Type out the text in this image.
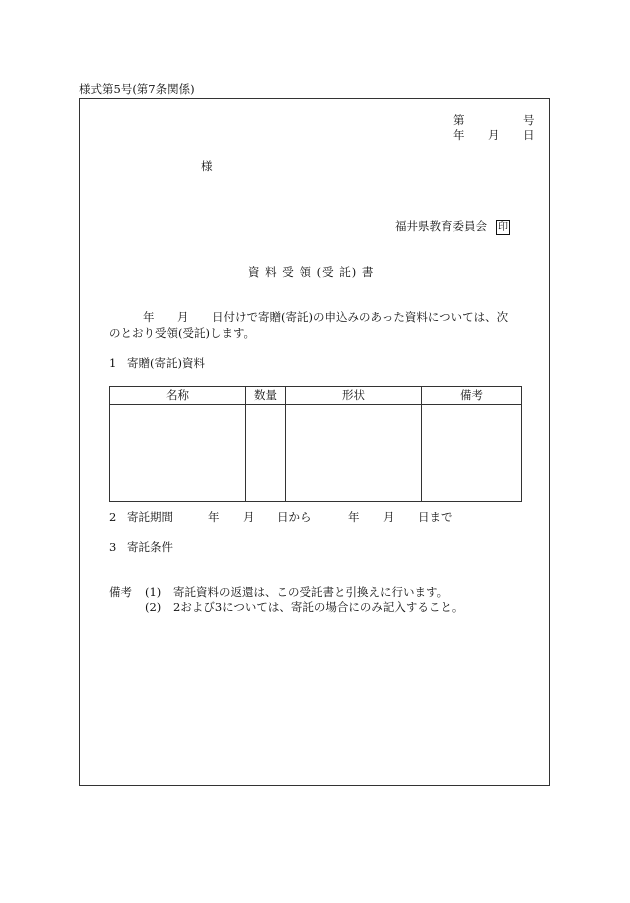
様式第5号(第7条関係)
第	号
年 月 日
様
福井県教育委員会 印
資 料 受 領 (受 託) 書
年 月 日付けで寄贈(寄託)の申込みのあった資料については、次
のとおり受領(受託)します。
1 寄贈(寄託)資料
名称	数量	形状	備考

2 寄託期間	年 月 日から	年 月 日まで
3 寄託条件
備考 (1) 寄託資料の返還は、この受託書と引換えに行います。
(2) 2および3については、寄託の場合にのみ記入すること。
